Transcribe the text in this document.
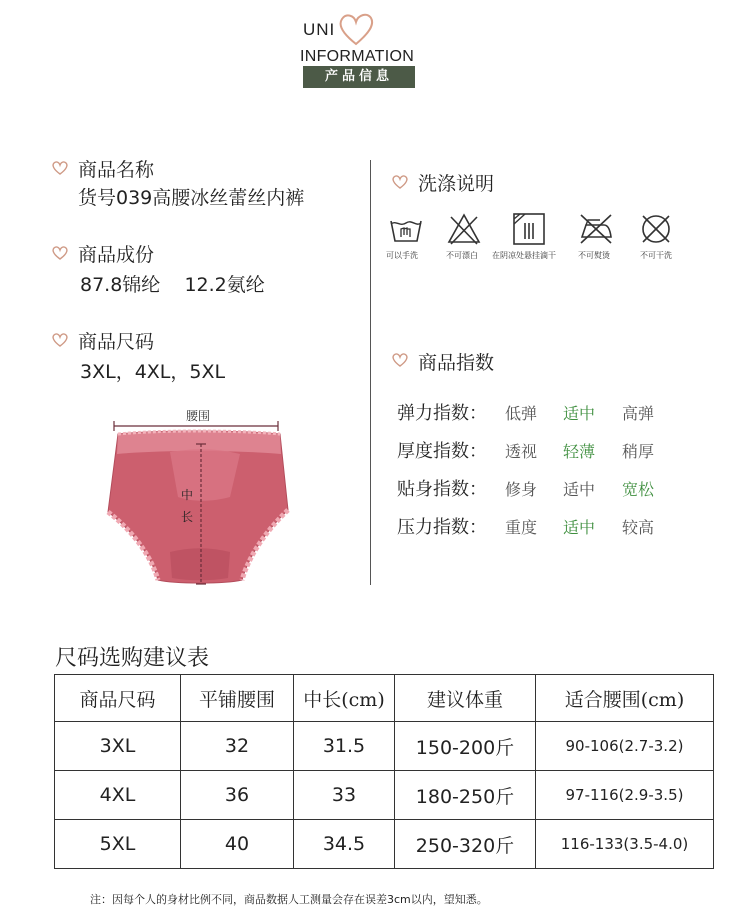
UNI
INFORMATION
产品信息
商品名称
货号039高腰冰丝蕾丝内裤
商品成份
87.8锦纶    12.2氨纶
商品尺码
3XL，4XL，5XL
腰围
中
长
洗涤说明
可以手洗	不可漂白 在阴凉处悬挂滴干	不可熨烫	不可干洗
商品指数
弹力指数： 低弹 适中 高弹
厚度指数： 透视 轻薄 稍厚
贴身指数： 修身 适中 宽松
压力指数： 重度 适中 较高
尺码选购建议表
商品尺码	平铺腰围	中长(cm)	建议体重	适合腰围(cm)
3XL	32	31.5	150-200斤	90-106(2.7-3.2)
4XL	36	33	180-250斤	97-116(2.9-3.5)
5XL	40	34.5	250-320斤	116-133(3.5-4.0)
注：因每个人的身材比例不同，商品数据人工测量会存在误差3cm以内，望知悉。
